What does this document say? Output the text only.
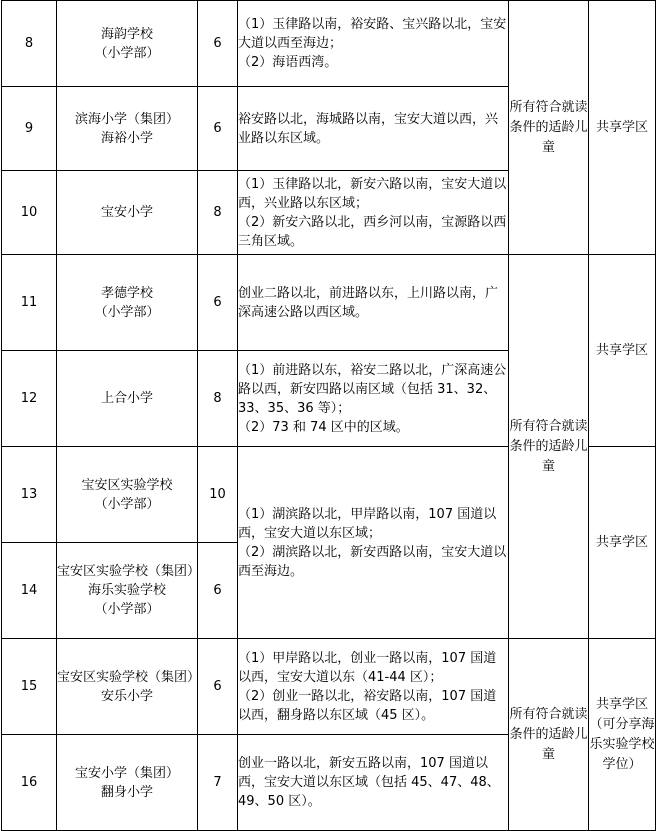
8	海韵学校
（小学部）	6	（1）玉律路以南，裕安路、宝兴路以北，宝安大道以西至海边；
（2）海语西湾。	所有符合就读条件的适龄儿童	共享学区
9	滨海小学（集团）
海裕小学	6	裕安路以北，海城路以南，宝安大道以西，兴业路以东区域。		

10	宝安小学	8	（1）玉律路以北，新安六路以南，宝安大道以西，兴业路以东区域；
（2）新安六路以北，西乡河以南，宝源路以西三角区域。		

11	孝德学校
（小学部）	6	创业二路以北，前进路以东，上川路以南，广深高速公路以西区域。	所有符合就读条件的适龄儿童	共享学区
12	上合小学	8	（1）前进路以东，裕安二路以北，广深高速公路以西，新安四路以南区域（包括 31、32、33、35、36 等）；
（2）73 和 74 区中的区域。		

13	宝安区实验学校
（小学部）	10	（1）湖滨路以北，甲岸路以南，107 国道以西，宝安大道以东区域；
（2）湖滨路以北，新安西路以南，宝安大道以西至海边。		共享学区
14	宝安区实验学校（集团）
海乐实验学校
（小学部）	6			
15	宝安区实验学校（集团）
安乐小学	6	（1）甲岸路以北，创业一路以南，107 国道以西，宝安大道以东（41-44 区）；
（2）创业一路以北，裕安路以南，107 国道以西，翻身路以东区域（45 区）。	所有符合就读条件的适龄儿童	共享学区（可分享海乐实验学校学位）
16	宝安小学（集团）
翻身小学	7	创业一路以北，新安五路以南，107 国道以西，宝安大道以东区域（包括 45、47、48、49、50 区）。		
